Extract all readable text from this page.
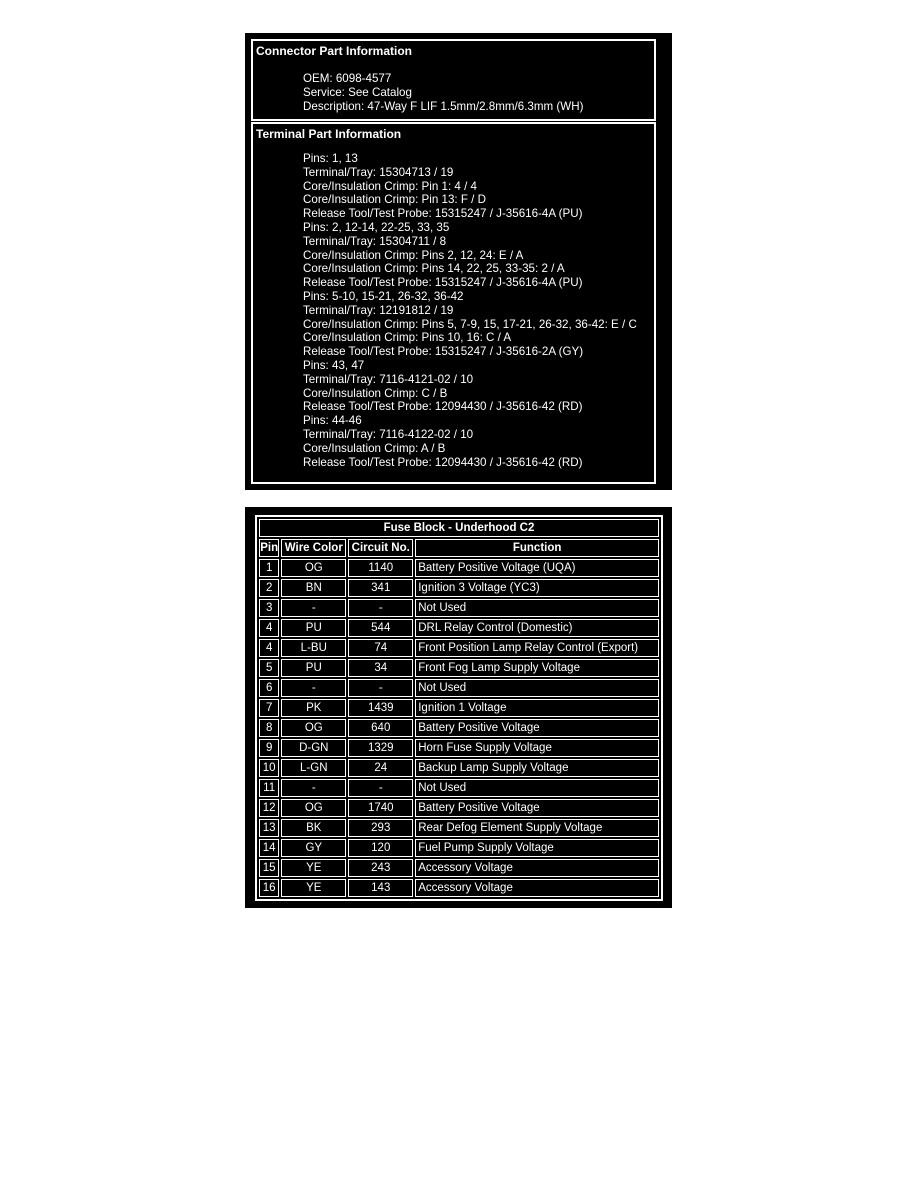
Connector Part Information
OEM: 6098-4577
Service: See Catalog
Description: 47-Way F LIF 1.5mm/2.8mm/6.3mm (WH)
Terminal Part Information
Pins: 1, 13
Terminal/Tray: 15304713 / 19
Core/Insulation Crimp: Pin 1: 4 / 4
Core/Insulation Crimp: Pin 13: F / D
Release Tool/Test Probe: 15315247 / J-35616-4A (PU)
Pins: 2, 12-14, 22-25, 33, 35
Terminal/Tray: 15304711 / 8
Core/Insulation Crimp: Pins 2, 12, 24: E / A
Core/Insulation Crimp: Pins 14, 22, 25, 33-35: 2 / A
Release Tool/Test Probe: 15315247 / J-35616-4A (PU)
Pins: 5-10, 15-21, 26-32, 36-42
Terminal/Tray: 12191812 / 19
Core/Insulation Crimp: Pins 5, 7-9, 15, 17-21, 26-32, 36-42: E / C
Core/Insulation Crimp: Pins 10, 16: C / A
Release Tool/Test Probe: 15315247 / J-35616-2A (GY)
Pins: 43, 47
Terminal/Tray: 7116-4121-02 / 10
Core/Insulation Crimp: C / B
Release Tool/Test Probe: 12094430 / J-35616-42 (RD)
Pins: 44-46
Terminal/Tray: 7116-4122-02 / 10
Core/Insulation Crimp: A / B
Release Tool/Test Probe: 12094430 / J-35616-42 (RD)
Fuse Block - Underhood C2			
Pin	Wire Color	Circuit No.	Function
1	OG	1140	Battery Positive Voltage (UQA)
2	BN	341	Ignition 3 Voltage (YC3)
3	-	-	Not Used
4	PU	544	DRL Relay Control (Domestic)
4	L-BU	74	Front Position Lamp Relay Control (Export)
5	PU	34	Front Fog Lamp Supply Voltage
6	-	-	Not Used
7	PK	1439	Ignition 1 Voltage
8	OG	640	Battery Positive Voltage
9	D-GN	1329	Horn Fuse Supply Voltage
10	L-GN	24	Backup Lamp Supply Voltage
11	-	-	Not Used
12	OG	1740	Battery Positive Voltage
13	BK	293	Rear Defog Element Supply Voltage
14	GY	120	Fuel Pump Supply Voltage
15	YE	243	Accessory Voltage
16	YE	143	Accessory Voltage
